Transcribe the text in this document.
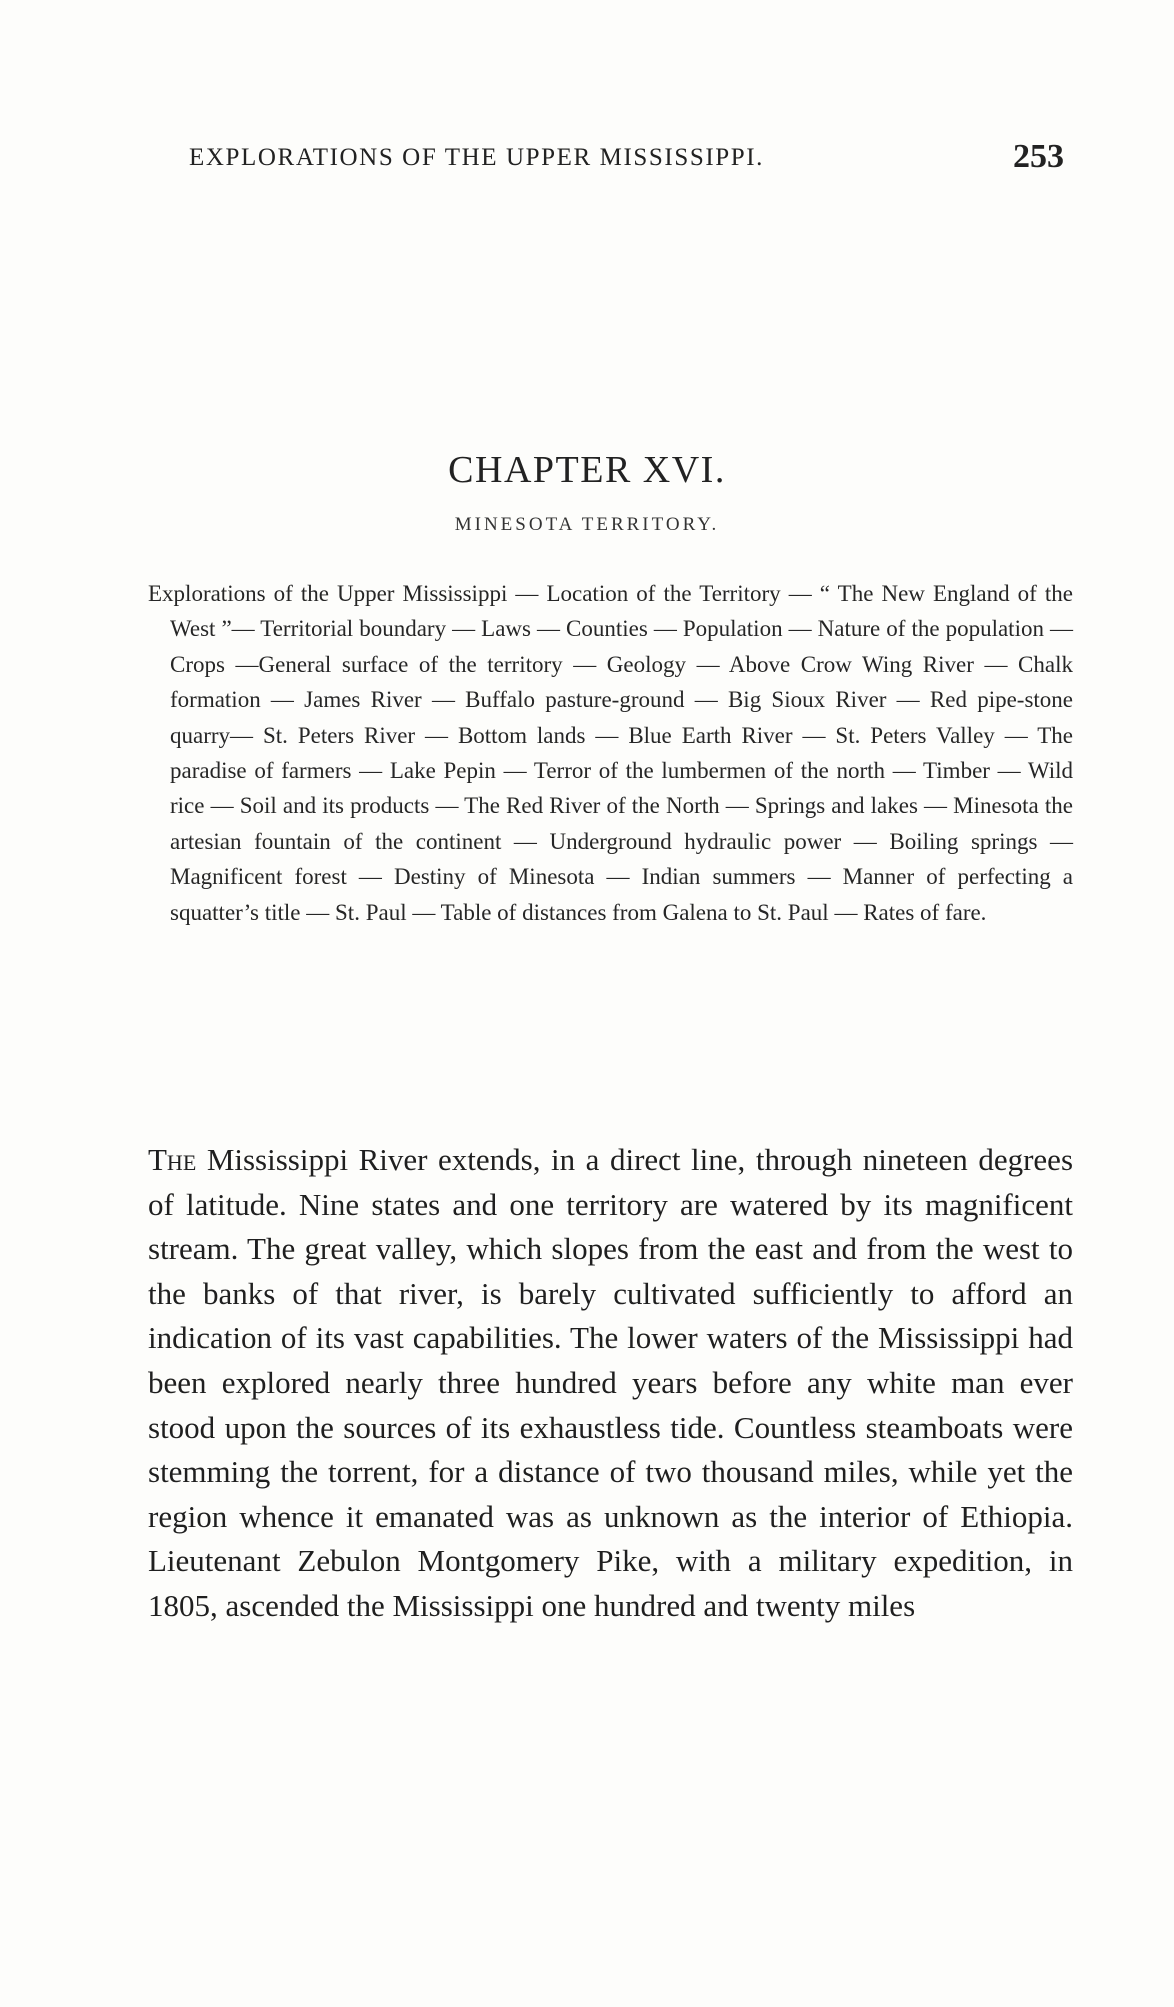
EXPLORATIONS OF THE UPPER MISSISSIPPI.	253
CHAPTER XVI.
MINESOTA TERRITORY.

Explorations of the Upper Mississippi — Location of the Territory — “ The New England of the West ”— Territorial boundary — Laws — Counties — Population — Nature of the population — Crops —General surface of the territory — Geology — Above Crow Wing River — Chalk formation — James River — Buffalo pasture-ground — Big Sioux River — Red pipe-stone quarry— St. Peters River — Bottom lands — Blue Earth River — St. Peters Valley — The paradise of farmers — Lake Pepin — Terror of the lumbermen of the north — Timber — Wild rice — Soil and its products — The Red River of the North — Springs and lakes — Minesota the artesian fountain of the continent — Underground hydraulic power — Boiling springs — Magnificent forest — Destiny of Minesota — Indian summers — Manner of perfecting a squatter’s title — St. Paul — Table of distances from Galena to St. Paul — Rates of fare.

The Mississippi River extends, in a direct line, through nineteen degrees of latitude. Nine states and one territory are watered by its magnificent stream. The great valley, which slopes from the east and from the west to the banks of that river, is barely cultivated sufficiently to afford an indication of its vast capabilities. The lower waters of the Mississippi had been explored nearly three hundred years before any white man ever stood upon the sources of its exhaustless tide. Countless steamboats were stemming the torrent, for a distance of two thousand miles, while yet the region whence it emanated was as unknown as the interior of Ethiopia. Lieutenant Zebulon Montgomery Pike, with a military expedition, in 1805, ascended the Mississippi one hundred and twenty miles
